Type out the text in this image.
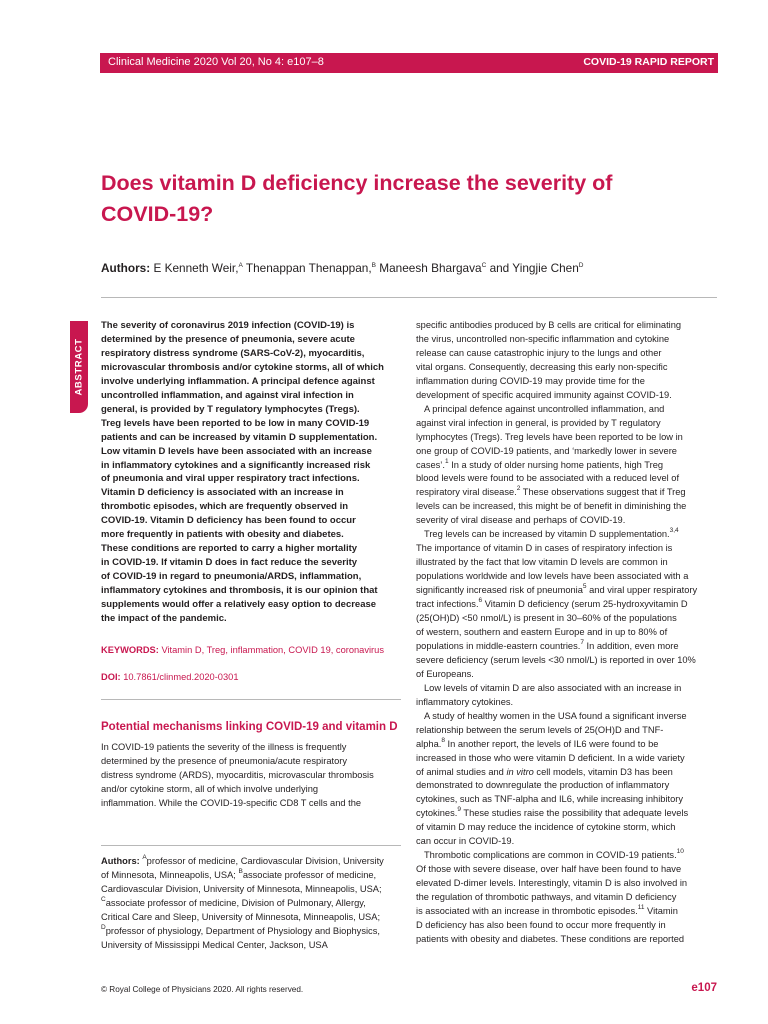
Clinical Medicine 2020 Vol 20, No 4: e107–8	COVID-19 RAPID REPORT
Does vitamin D deficiency increase the severity of
COVID-19?
Authors: E Kenneth Weir,$^A$ Thenappan Thenappan,$^B$ Maneesh Bhargava$^C$ and Yingjie Chen$^D$
ABSTRACT
The severity of coronavirus 2019 infection (COVID-19) is
determined by the presence of pneumonia, severe acute
respiratory distress syndrome (SARS-CoV-2), myocarditis,
microvascular thrombosis and/or cytokine storms, all of which
involve underlying inflammation. A principal defence against
uncontrolled inflammation, and against viral infection in
general, is provided by T regulatory lymphocytes (Tregs).
Treg levels have been reported to be low in many COVID-19
patients and can be increased by vitamin D supplementation.
Low vitamin D levels have been associated with an increase
in inflammatory cytokines and a significantly increased risk
of pneumonia and viral upper respiratory tract infections.
Vitamin D deficiency is associated with an increase in
thrombotic episodes, which are frequently observed in
COVID-19. Vitamin D deficiency has been found to occur
more frequently in patients with obesity and diabetes.
These conditions are reported to carry a higher mortality
in COVID-19. If vitamin D does in fact reduce the severity
of COVID-19 in regard to pneumonia/ARDS, inflammation,
inflammatory cytokines and thrombosis, it is our opinion that
supplements would offer a relatively easy option to decrease
the impact of the pandemic.
KEYWORDS: Vitamin D, Treg, inflammation, COVID 19, coronavirus
DOI: 10.7861/clinmed.2020-0301
Potential mechanisms linking COVID-19 and vitamin D
In COVID-19 patients the severity of the illness is frequently
determined by the presence of pneumonia/acute respiratory
distress syndrome (ARDS), myocarditis, microvascular thrombosis
and/or cytokine storm, all of which involve underlying
inflammation. While the COVID-19-specific CD8 T cells and the
Authors: $^A$professor of medicine, Cardiovascular Division, University
of Minnesota, Minneapolis, USA; $^B$associate professor of medicine,
Cardiovascular Division, University of Minnesota, Minneapolis, USA;
$^C$associate professor of medicine, Division of Pulmonary, Allergy,
Critical Care and Sleep, University of Minnesota, Minneapolis, USA;
$^D$professor of physiology, Department of Physiology and Biophysics,
University of Mississippi Medical Center, Jackson, USA
specific antibodies produced by B cells are critical for eliminating
the virus, uncontrolled non-specific inflammation and cytokine
release can cause catastrophic injury to the lungs and other
vital organs. Consequently, decreasing this early non-specific
inflammation during COVID-19 may provide time for the
development of specific acquired immunity against COVID-19.
A principal defence against uncontrolled inflammation, and
against viral infection in general, is provided by T regulatory
lymphocytes (Tregs). Treg levels have been reported to be low in
one group of COVID-19 patients, and ‘markedly lower in severe
cases’.$^1$ In a study of older nursing home patients, high Treg
blood levels were found to be associated with a reduced level of
respiratory viral disease.$^2$ These observations suggest that if Treg
levels can be increased, this might be of benefit in diminishing the
severity of viral disease and perhaps of COVID-19.
Treg levels can be increased by vitamin D supplementation.$^{3,4}$
The importance of vitamin D in cases of respiratory infection is
illustrated by the fact that low vitamin D levels are common in
populations worldwide and low levels have been associated with a
significantly increased risk of pneumonia$^5$ and viral upper respiratory
tract infections.$^6$ Vitamin D deficiency (serum 25-hydroxyvitamin D
(25(OH)D) <50 nmol/L) is present in 30–60% of the populations
of western, southern and eastern Europe and in up to 80% of
populations in middle-eastern countries.$^7$ In addition, even more
severe deficiency (serum levels <30 nmol/L) is reported in over 10%
of Europeans.
Low levels of vitamin D are also associated with an increase in
inflammatory cytokines.
A study of healthy women in the USA found a significant inverse
relationship between the serum levels of 25(OH)D and TNF-
alpha.$^8$ In another report, the levels of IL6 were found to be
increased in those who were vitamin D deficient. In a wide variety
of animal studies and in vitro cell models, vitamin D3 has been
demonstrated to downregulate the production of inflammatory
cytokines, such as TNF-alpha and IL6, while increasing inhibitory
cytokines.$^9$ These studies raise the possibility that adequate levels
of vitamin D may reduce the incidence of cytokine storm, which
can occur in COVID-19.
Thrombotic complications are common in COVID-19 patients.$^{10}$
Of those with severe disease, over half have been found to have
elevated D-dimer levels. Interestingly, vitamin D is also involved in
the regulation of thrombotic pathways, and vitamin D deficiency
is associated with an increase in thrombotic episodes.$^{11}$ Vitamin
D deficiency has also been found to occur more frequently in
patients with obesity and diabetes. These conditions are reported
© Royal College of Physicians 2020. All rights reserved.	e107
